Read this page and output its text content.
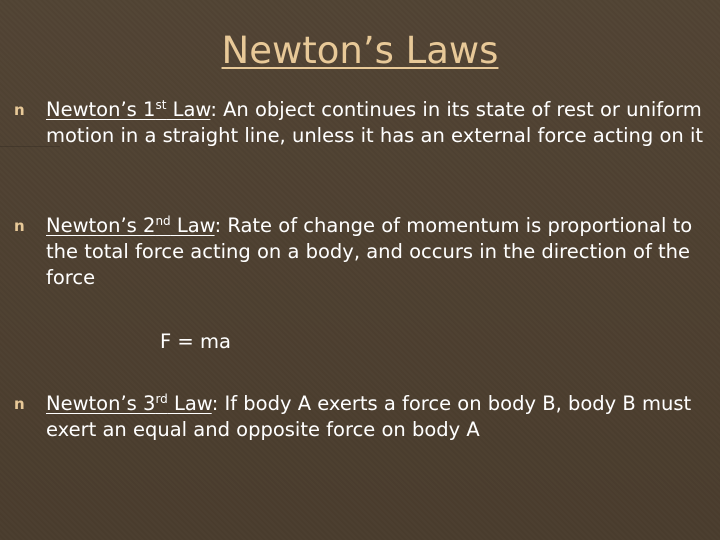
Newton’s Laws
n Newton’s 1st Law: An object continues in its state of rest or uniform motion in a straight line, unless it has an external force acting on it
n Newton’s 2nd Law: Rate of change of momentum is proportional to the total force acting on a body, and occurs in the direction of the force
F = ma
n Newton’s 3rd Law: If body A exerts a force on body B, body B must exert an equal and opposite force on body A
